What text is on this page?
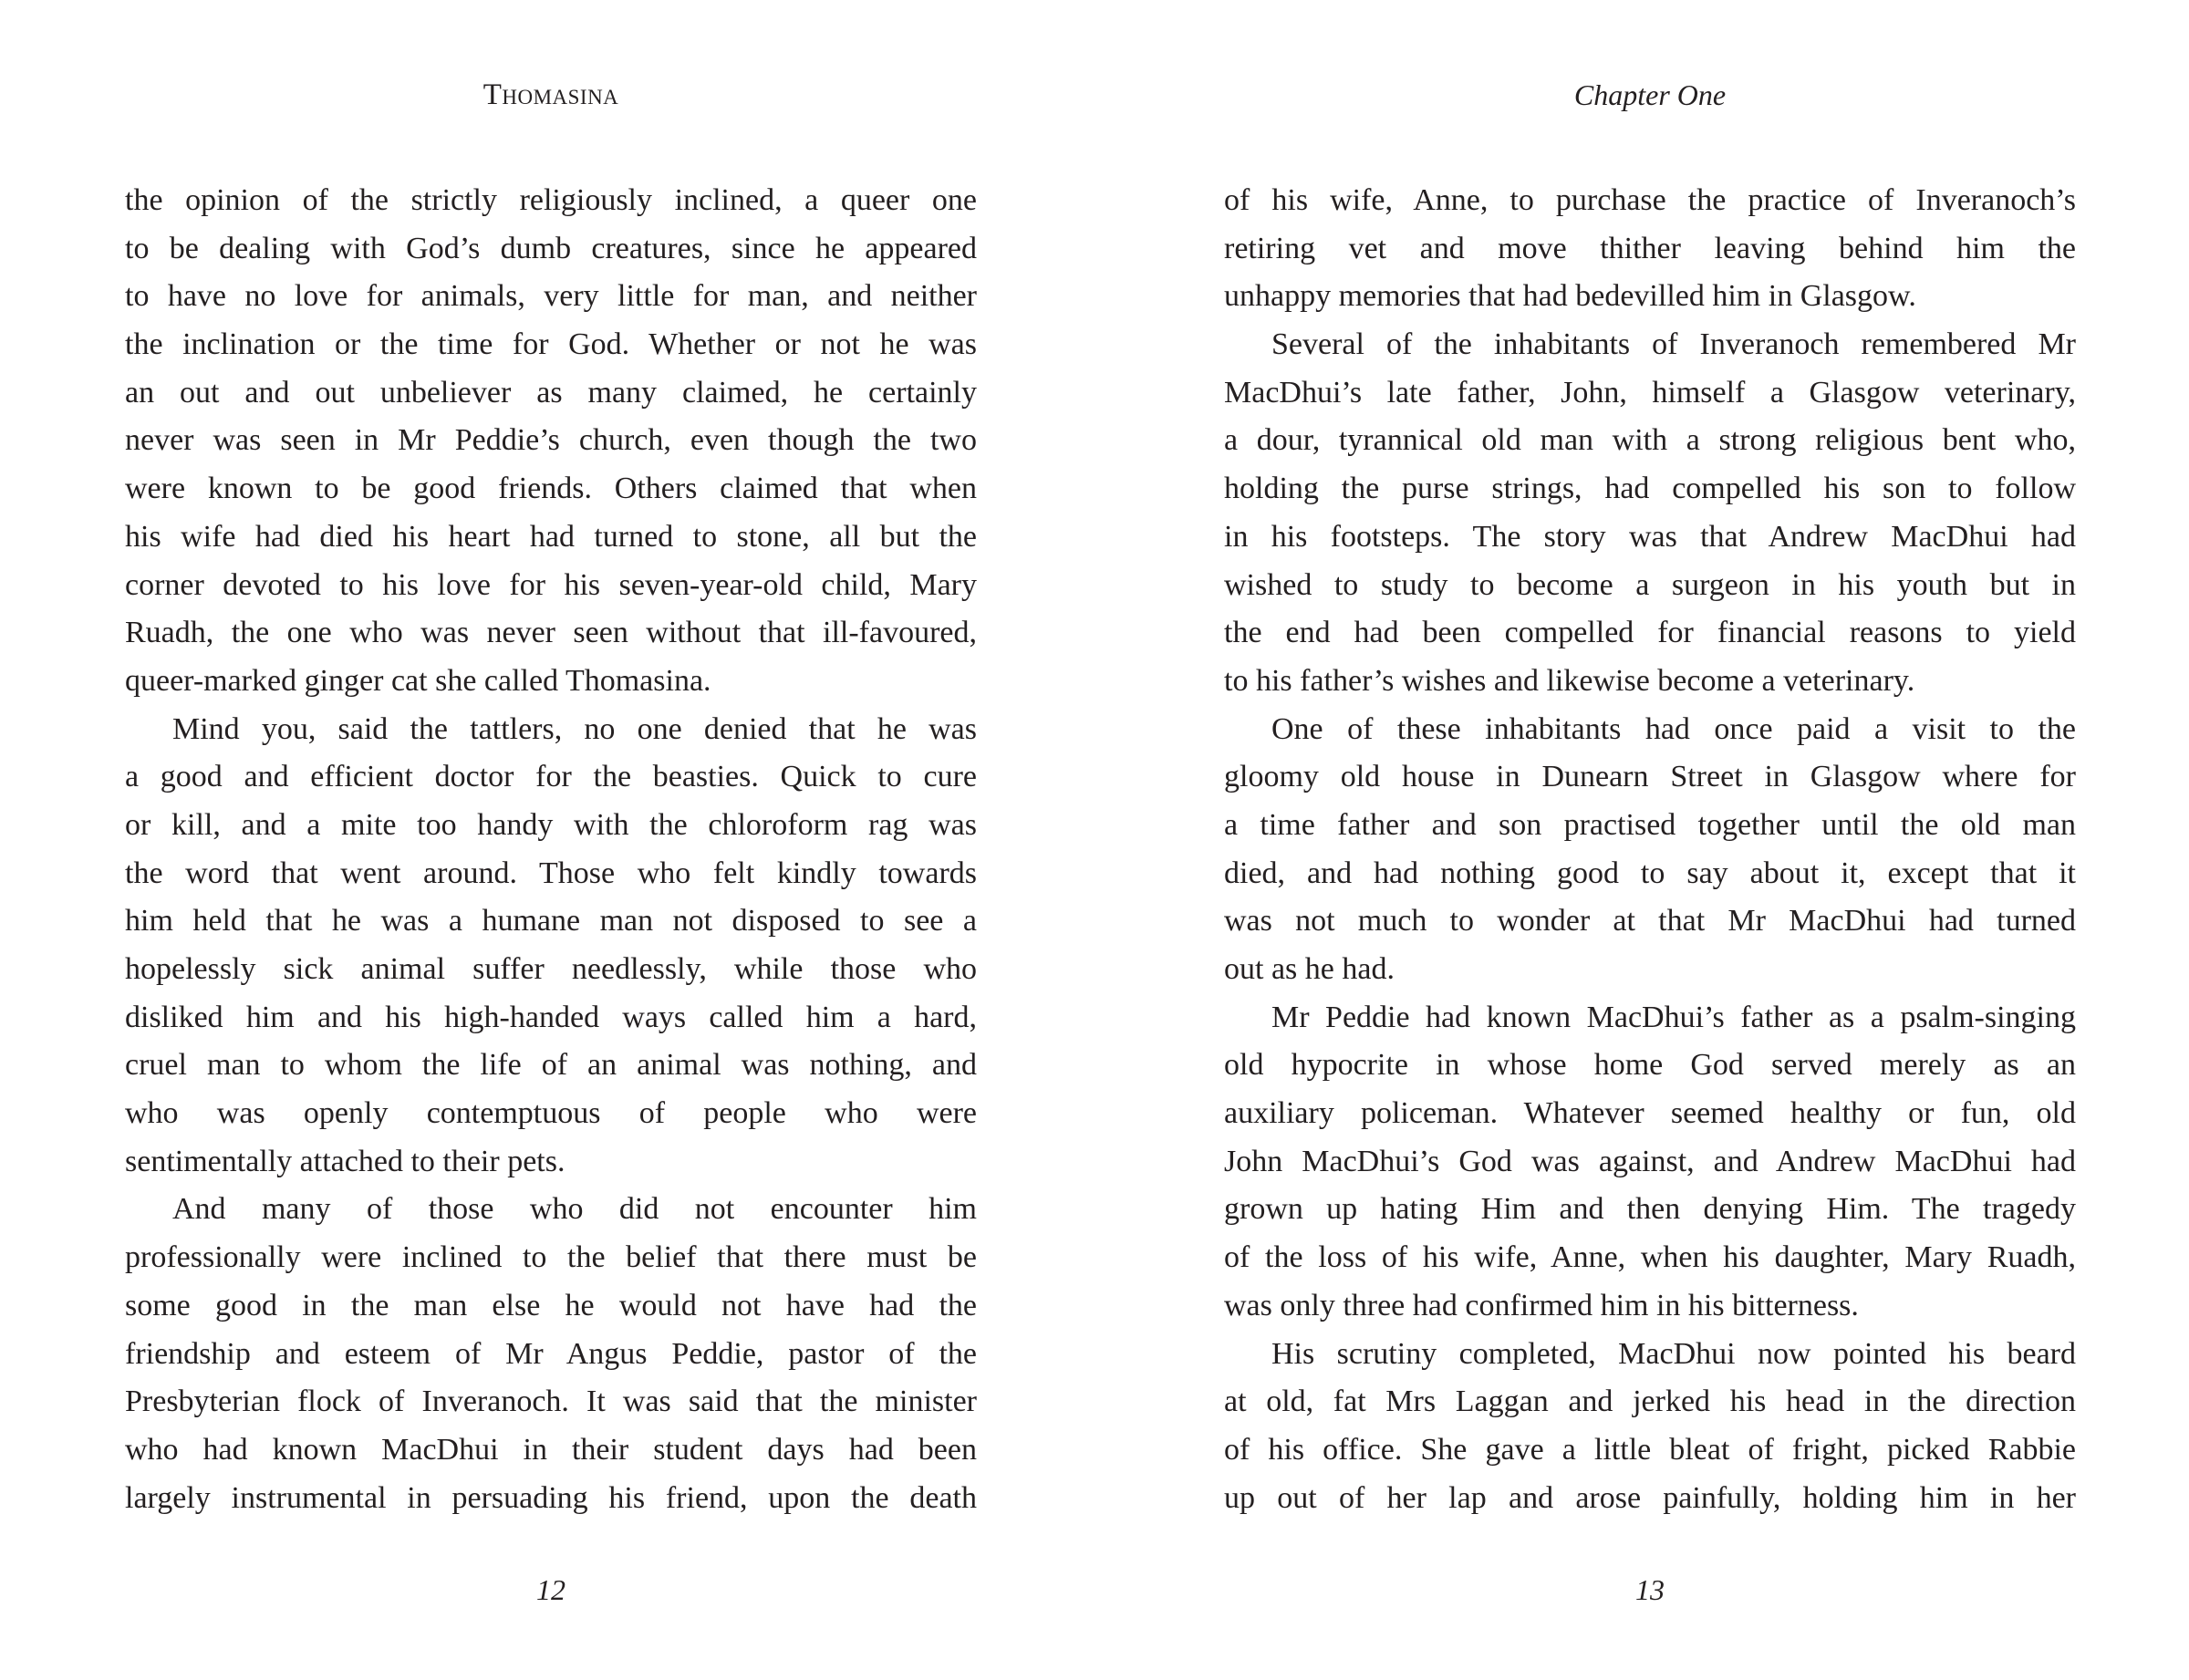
Thomasina
the opinion of the strictly religiously inclined, a queer one
to be dealing with God’s dumb creatures, since he appeared
to have no love for animals, very little for man, and neither
the inclination or the time for God. Whether or not he was
an out and out unbeliever as many claimed, he certainly
never was seen in Mr Peddie’s church, even though the two
were known to be good friends. Others claimed that when
his wife had died his heart had turned to stone, all but the
corner devoted to his love for his seven-year-old child, Mary
Ruadh, the one who was never seen without that ill-favoured,
queer-marked ginger cat she called Thomasina.
Mind you, said the tattlers, no one denied that he was
a good and efficient doctor for the beasties. Quick to cure
or kill, and a mite too handy with the chloroform rag was
the word that went around. Those who felt kindly towards
him held that he was a humane man not disposed to see a
hopelessly sick animal suffer needlessly, while those who
disliked him and his high-handed ways called him a hard,
cruel man to whom the life of an animal was nothing, and
who was openly contemptuous of people who were
sentimentally attached to their pets.
And many of those who did not encounter him
professionally were inclined to the belief that there must be
some good in the man else he would not have had the
friendship and esteem of Mr Angus Peddie, pastor of the
Presbyterian flock of Inveranoch. It was said that the minister
who had known MacDhui in their student days had been
largely instrumental in persuading his friend, upon the death
12
Chapter One
of his wife, Anne, to purchase the practice of Inveranoch’s
retiring vet and move thither leaving behind him the
unhappy memories that had bedevilled him in Glasgow.
Several of the inhabitants of Inveranoch remembered Mr
MacDhui’s late father, John, himself a Glasgow veterinary,
a dour, tyrannical old man with a strong religious bent who,
holding the purse strings, had compelled his son to follow
in his footsteps. The story was that Andrew MacDhui had
wished to study to become a surgeon in his youth but in
the end had been compelled for financial reasons to yield
to his father’s wishes and likewise become a veterinary.
One of these inhabitants had once paid a visit to the
gloomy old house in Dunearn Street in Glasgow where for
a time father and son practised together until the old man
died, and had nothing good to say about it, except that it
was not much to wonder at that Mr MacDhui had turned
out as he had.
Mr Peddie had known MacDhui’s father as a psalm-singing
old hypocrite in whose home God served merely as an
auxiliary policeman. Whatever seemed healthy or fun, old
John MacDhui’s God was against, and Andrew MacDhui had
grown up hating Him and then denying Him. The tragedy
of the loss of his wife, Anne, when his daughter, Mary Ruadh,
was only three had confirmed him in his bitterness.
His scrutiny completed, MacDhui now pointed his beard
at old, fat Mrs Laggan and jerked his head in the direction
of his office. She gave a little bleat of fright, picked Rabbie
up out of her lap and arose painfully, holding him in her
13
